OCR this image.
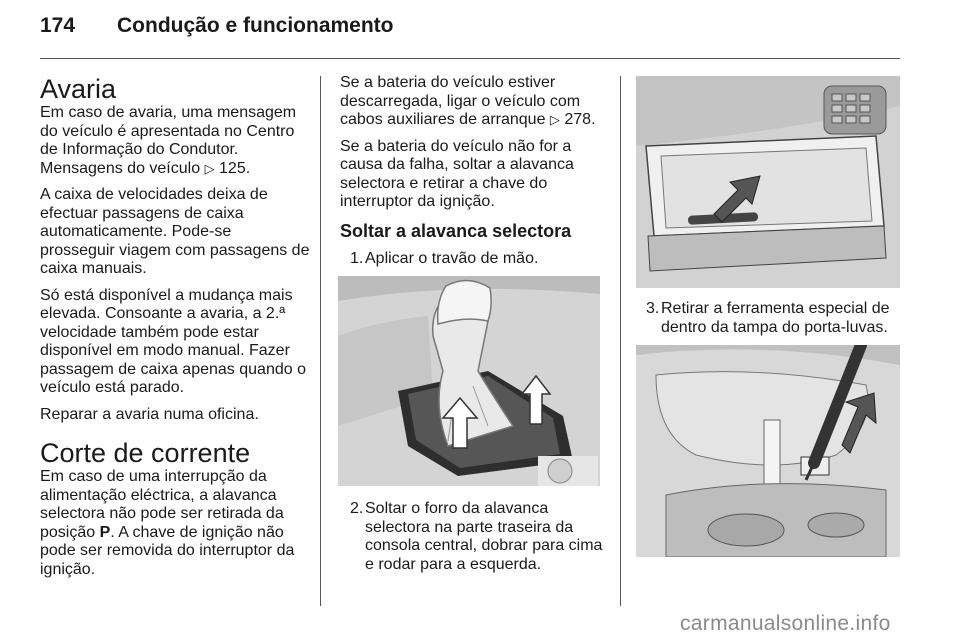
174 Condução e funcionamento
Avaria

Em caso de avaria, uma mensagem do veículo é apresentada no Centro de Informação do Condutor. Mensagens do veículo ▷ 125.

A caixa de velocidades deixa de efectuar passagens de caixa automaticamente. Pode-se prosseguir viagem com passagens de caixa manuais.

Só está disponível a mudança mais elevada. Consoante a avaria, a 2.ª velocidade também pode estar disponível em modo manual. Fazer passagem de caixa apenas quando o veículo está parado.

Reparar a avaria numa oficina.

Corte de corrente

Em caso de uma interrupção da alimentação eléctrica, a alavanca selectora não pode ser retirada da posição P. A chave de ignição não pode ser removida do interruptor da ignição.

Se a bateria do veículo estiver descarregada, ligar o veículo com cabos auxiliares de arranque ▷ 278.

Se a bateria do veículo não for a causa da falha, soltar a alavanca selectora e retirar a chave do interruptor da ignição.

Soltar a alavanca selectora
1. Aplicar o travão de mão.
2. Soltar o forro da alavanca selectora na parte traseira da consola central, dobrar para cima e rodar para a esquerda.
3. Retirar a ferramenta especial de dentro da tampa do porta-luvas.
carmanualsonline.info
